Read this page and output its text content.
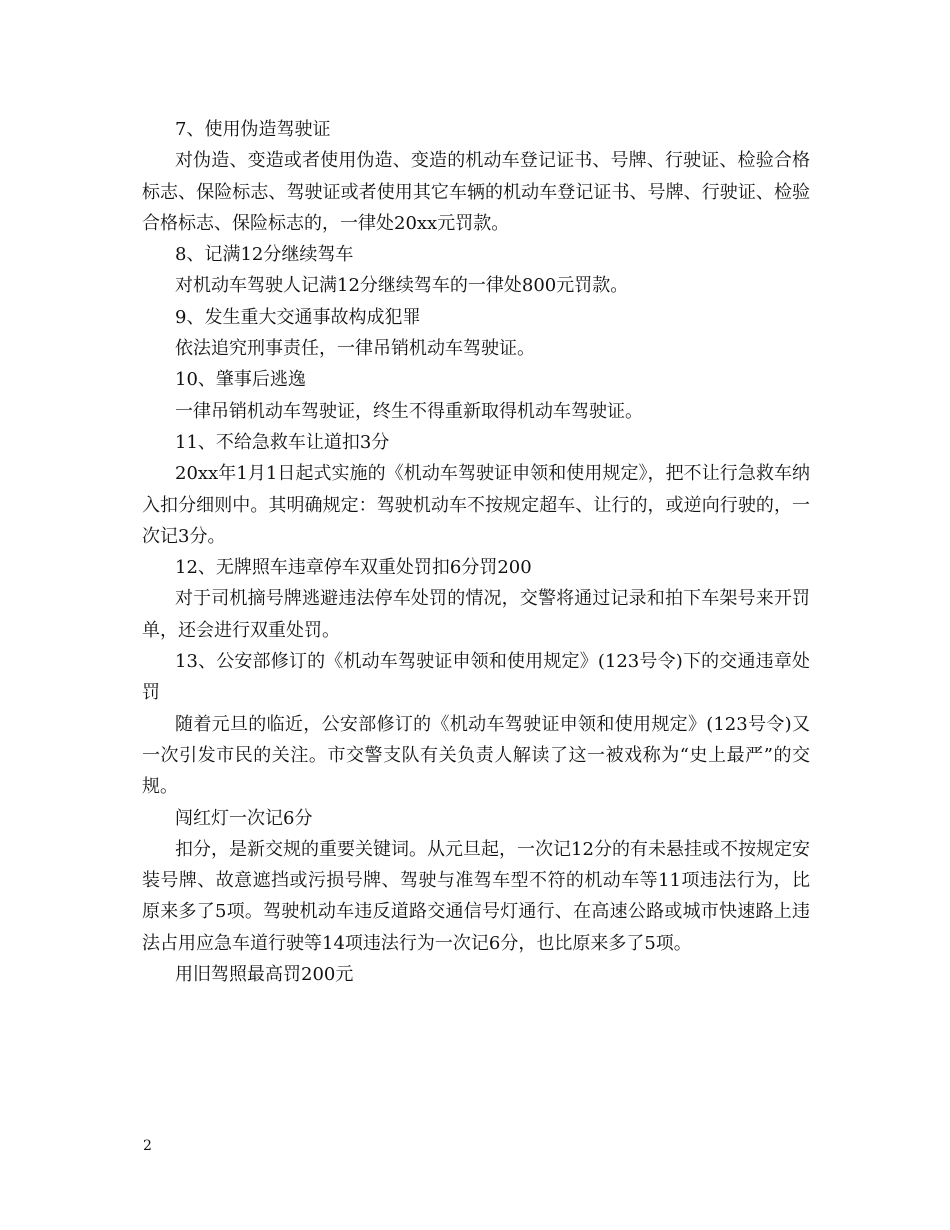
7、使用伪造驾驶证

对伪造、变造或者使用伪造、变造的机动车登记证书、号牌、行驶证、检验合格标志、保险标志、驾驶证或者使用其它车辆的机动车登记证书、号牌、行驶证、检验合格标志、保险标志的，一律处20xx元罚款。

8、记满12分继续驾车

对机动车驾驶人记满12分继续驾车的一律处800元罚款。

9、发生重大交通事故构成犯罪

依法追究刑事责任，一律吊销机动车驾驶证。

10、肇事后逃逸

一律吊销机动车驾驶证，终生不得重新取得机动车驾驶证。

11、不给急救车让道扣3分

20xx年1月1日起式实施的《机动车驾驶证申领和使用规定》，把不让行急救车纳入扣分细则中。其明确规定：驾驶机动车不按规定超车、让行的，或逆向行驶的，一次记3分。

12、无牌照车违章停车双重处罚扣6分罚200

对于司机摘号牌逃避违法停车处罚的情况，交警将通过记录和拍下车架号来开罚单，还会进行双重处罚。

13、公安部修订的《机动车驾驶证申领和使用规定》(123号令)下的交通违章处罚

随着元旦的临近，公安部修订的《机动车驾驶证申领和使用规定》(123号令)又一次引发市民的关注。市交警支队有关负责人解读了这一被戏称为“史上最严”的交规。

闯红灯一次记6分

扣分，是新交规的重要关键词。从元旦起，一次记12分的有未悬挂或不按规定安装号牌、故意遮挡或污损号牌、驾驶与准驾车型不符的机动车等11项违法行为，比原来多了5项。驾驶机动车违反道路交通信号灯通行、在高速公路或城市快速路上违法占用应急车道行驶等14项违法行为一次记6分，也比原来多了5项。

用旧驾照最高罚200元

2
